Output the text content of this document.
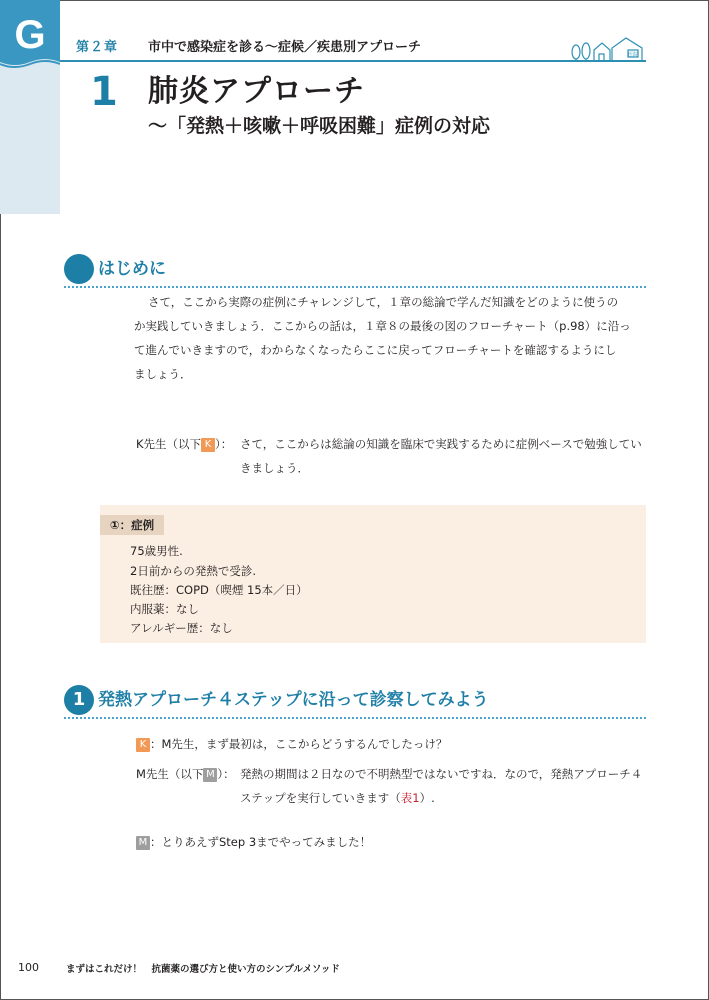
G 第２章 市中で感染症を診る～症候／疾患別アプローチ	医院
1 肺炎アプローチ
～「発熱＋咳嗽＋呼吸困難」症例の対応
はじめに
さて，ここから実際の症例にチャレンジして，１章の総論で学んだ知識をどのように使うの
か実践していきましょう．ここからの話は，１章８の最後の図のフローチャート（p.98）に沿っ
て進んでいきますので，わからなくなったらここに戻ってフローチャートを確認するようにし
ましょう．
K先生（以下 K ）： さて，ここからは総論の知識を臨床で実践するために症例ベースで勉強してい
きましょう．
①：症例
75歳男性.
2日前からの発熱で受診.
既往歴：COPD（喫煙 15本／日）
内服薬：なし
アレルギー歴：なし
1 発熱アプローチ４ステップに沿って診察してみよう
K ：M先生，まず最初は，ここからどうするんでしたっけ？
M先生（以下 M ）： 発熱の期間は２日なので不明熱型ではないですね．なので，発熱アプローチ４
ステップを実行していきます（表1）.
M ：とりあえずStep 3までやってみました！
100	まずはこれだけ！　抗菌薬の選び方と使い方のシンプルメソッド
